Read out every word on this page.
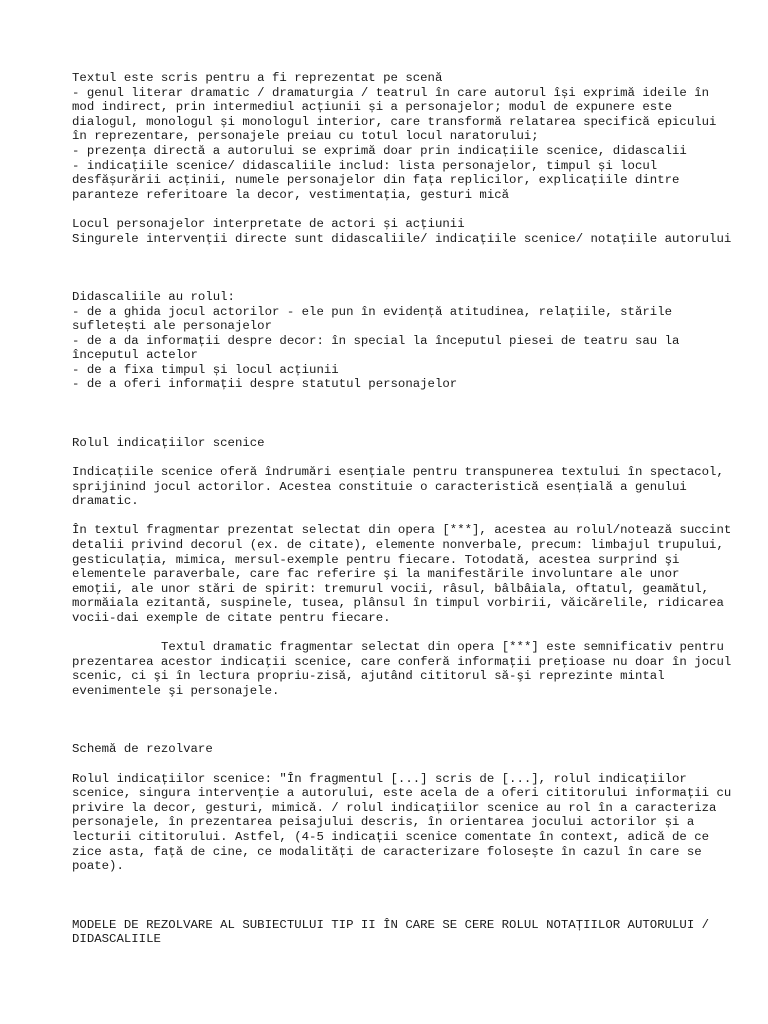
Textul este scris pentru a fi reprezentat pe scenă
- genul literar dramatic / dramaturgia / teatrul în care autorul își exprimă ideile în mod indirect, prin intermediul acțiunii și a personajelor; modul de expunere este dialogul, monologul și monologul interior, care transformă relatarea specifică epicului în reprezentare, personajele preiau cu totul locul naratorului;
- prezența directă a autorului se exprimă doar prin indicațiile scenice, didascalii
- indicațiile scenice/ didascaliile includ: lista personajelor, timpul și locul desfășurării acținii, numele personajelor din fața replicilor, explicațiile dintre paranteze referitoare la decor, vestimentația, gesturi mică

Locul personajelor interpretate de actori și acțiunii
Singurele intervenții directe sunt didascaliile/ indicațiile scenice/ notațiile autorului

Didascaliile au rolul:
- de a ghida jocul actorilor - ele pun în evidență atitudinea, relațiile, stările sufletești ale personajelor
- de a da informații despre decor: în special la începutul piesei de teatru sau la începutul actelor
- de a fixa timpul și locul acțiunii
- de a oferi informații despre statutul personajelor

Rolul indicațiilor scenice

Indicațiile scenice oferă îndrumări esențiale pentru transpunerea textului în spectacol, sprijinind jocul actorilor. Acestea constituie o caracteristică esențială a genului dramatic.

În textul fragmentar prezentat selectat din opera [***], acestea au rolul/notează succint detalii privind decorul (ex. de citate), elemente nonverbale, precum: limbajul trupului, gesticulația, mimica, mersul-exemple pentru fiecare. Totodată, acestea surprind şi elementele paraverbale, care fac referire şi la manifestările involuntare ale unor emoţii, ale unor stări de spirit: tremurul vocii, râsul, bâlbâiala, oftatul, geamătul, mormăiala ezitantă, suspinele, tusea, plânsul în timpul vorbirii, văicărelile, ridicarea vocii-dai exemple de citate pentru fiecare.

Textul dramatic fragmentar selectat din opera [***] este semnificativ pentru prezentarea acestor indicaţii scenice, care conferă informaţii preţioase nu doar în jocul scenic, ci şi în lectura propriu-zisă, ajutând cititorul să-şi reprezinte mintal evenimentele şi personajele.

Schemă de rezolvare

Rolul indicațiilor scenice: "În fragmentul [...] scris de [...], rolul indicațiilor scenice, singura intervenție a autorului, este acela de a oferi cititorului informații cu privire la decor, gesturi, mimică. / rolul indicațiilor scenice au rol în a caracteriza personajele, în prezentarea peisajului descris, în orientarea jocului actorilor și a lecturii cititorului. Astfel, (4-5 indicații scenice comentate în context, adică de ce zice asta, față de cine, ce modalități de caracterizare folosește în cazul în care se poate).

MODELE DE REZOLVARE AL SUBIECTULUI TIP II ÎN CARE SE CERE ROLUL NOTAȚIILOR AUTORULUI / DIDASCALIILE
